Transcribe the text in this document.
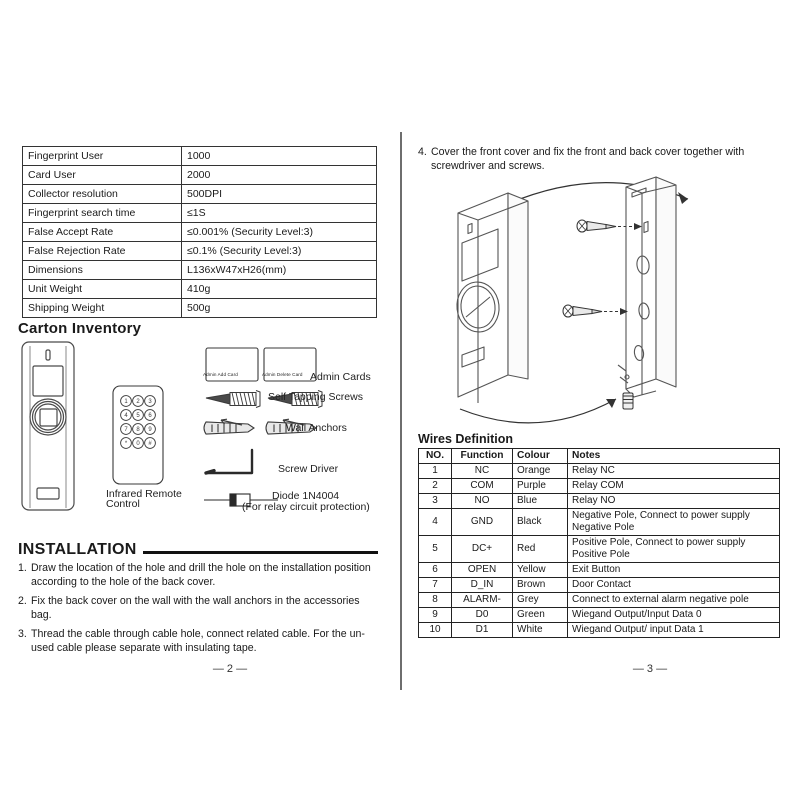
Fingerprint User	1000
Card User	2000
Collector resolution	500DPI
Fingerprint search time	≤1S
False Accept Rate	≤0.001% (Security Level:3)
False Rejection Rate	≤0.1% (Security Level:3)
Dimensions	L136xW47xH26(mm)
Unit Weight	410g
Shipping Weight	500g
Carton Inventory
1 2 3
4 5 6
7 8 9
* 0 #
Admin Cards
Admin Add Card	Admin Delete Card
Self Tapping Screws
Wall Anchors
Screw Driver
Diode 1N4004
(For relay circuit protection)
Infrared Remote
Control
INSTALLATION
1. Draw the location of the hole and drill the hole on the installation position according to the hole of the back cover.
2. Fix the back cover on the wall with the wall anchors in the accessories bag.
3. Thread the cable through cable hole, connect related cable. For the un-used cable please separate with insulating tape.
— 2 —
4. Cover the front cover and fix the front and back cover together with screwdriver and screws.
Wires Definition
NO.	Function	Colour	Notes
1	NC	Orange	Relay NC
2	COM	Purple	Relay COM
3	NO	Blue	Relay NO
4	GND	Black	Negative Pole, Connect to power supply Negative Pole
5	DC+	Red	Positive Pole, Connect to power supply Positive Pole
6	OPEN	Yellow	Exit Button
7	D_IN	Brown	Door Contact
8	ALARM-	Grey	Connect to external alarm negative pole
9	D0	Green	Wiegand Output/Input Data 0
10	D1	White	Wiegand Output/ input Data 1
— 3 —
